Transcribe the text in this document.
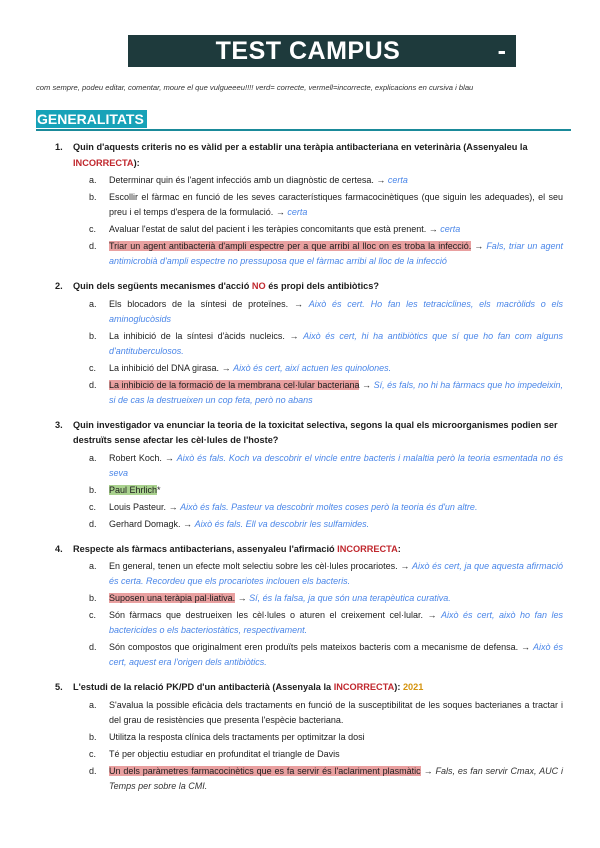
TEST CAMPUS	-
com sempre, podeu editar, comentar, moure el que vulgueeeu!!!! verd= correcte, vermell=incorrecte, explicacions en cursiva i blau
GENERALITATS
1. Quin d'aquests criteris no es vàlid per a establir una teràpia antibacteriana en veterinària (Assenyaleu la INCORRECTA):
a. Determinar quin és l'agent infecciós amb un diagnòstic de certesa. → certa
b. Escollir el fàrmac en funció de les seves característiques farmacocinètiques (que siguin les adequades), el seu preu i el temps d'espera de la formulació. → certa
c. Avaluar l'estat de salut del pacient i les teràpies concomitants que està prenent. → certa
d. Triar un agent antibacterià d'ampli espectre per a que arribi al lloc on es troba la infecció. → Fals, triar un agent antimicrobià d'ampli espectre no pressuposa que el fàrmac arribi al lloc de la infecció
2. Quin dels següents mecanismes d'acció NO és propi dels antibiòtics?
a. Els blocadors de la síntesi de proteïnes. → Això és cert. Ho fan les tetraciclines, els macròlids o els aminoglucòsids
b. La inhibició de la síntesi d'àcids nucleics. → Això és cert, hi ha antibiòtics que sí que ho fan com alguns d'antituberculosos.
c. La inhibició del DNA girasa. → Això és cert, així actuen les quinolones.
d. La inhibició de la formació de la membrana cel·lular bacteriana → Sí, és fals, no hi ha fàrmacs que ho impedeixin, si de cas la destrueixen un cop feta, però no abans
3. Quin investigador va enunciar la teoria de la toxicitat selectiva, segons la qual els microorganismes podien ser destruïts sense afectar les cèl·lules de l'hoste?
a. Robert Koch. → Això és fals. Koch va descobrir el vincle entre bacteris i malaltia però la teoria esmentada no és seva
b. Paul Ehrlich*
c. Louis Pasteur. → Això és fals. Pasteur va descobrir moltes coses però la teoria és d'un altre.
d. Gerhard Domagk. → Això és fals. Ell va descobrir les sulfamides.
4. Respecte als fàrmacs antibacterians, assenyaleu l'afirmació INCORRECTA:
a. En general, tenen un efecte molt selectiu sobre les cèl·lules procariotes. → Això és cert, ja que aquesta afirmació és certa. Recordeu que els procariotes inclouen els bacteris.
b. Suposen una teràpia pal·liativa. → Sí, és la falsa, ja que són una terapèutica curativa.
c. Són fàrmacs que destrueixen les cèl·lules o aturen el creixement cel·lular. → Això és cert, això ho fan les bactericides o els bacteriostàtics, respectivament.
d. Són compostos que originalment eren produïts pels mateixos bacteris com a mecanisme de defensa. → Això és cert, aquest era l'origen dels antibiòtics.
5. L'estudi de la relació PK/PD d'un antibacterià (Assenyala la INCORRECTA): 2021
a. S'avalua la possible eficàcia dels tractaments en funció de la susceptibilitat de les soques bacterianes a tractar i del grau de resistències que presenta l'espècie bacteriana.
b. Utilitza la resposta clínica dels tractaments per optimitzar la dosi
c. Té per objectiu estudiar en profunditat el triangle de Davis
d. Un dels paràmetres farmacocinètics que es fa servir és l'aclariment plasmàtic → Fals, es fan servir Cmax, AUC i Temps per sobre la CMI.
